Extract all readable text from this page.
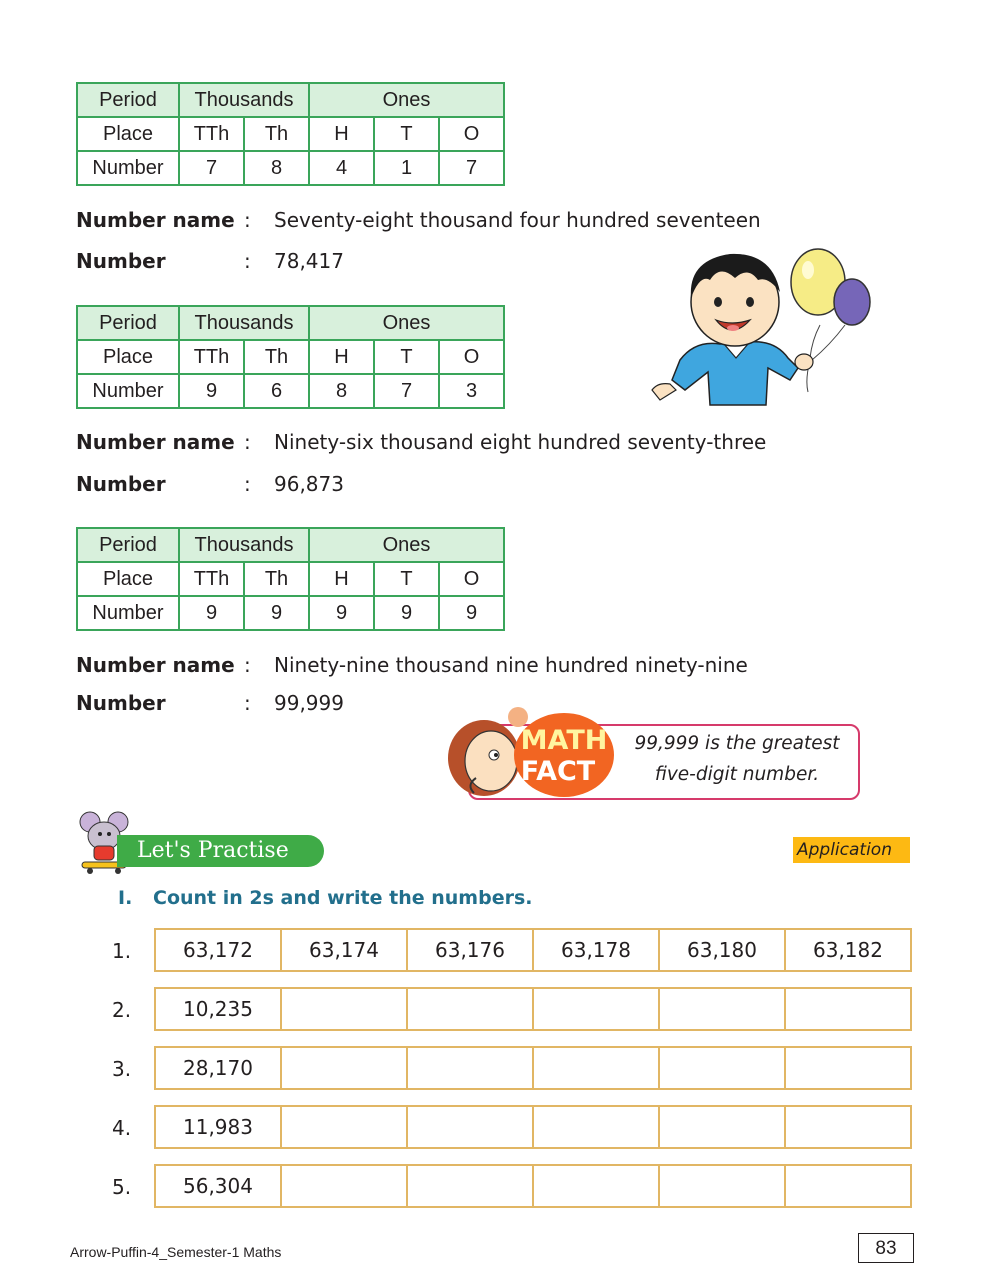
Period	Thousands		Ones		
Place	TTh	Th	H	T	O
Number	7	8	4	1	7
Number name : Seventy-eight thousand four hundred seventeen
Number	: 78,417
Period	Thousands		Ones		
Place	TTh	Th	H	T	O
Number	9	6	8	7	3
Number name : Ninety-six thousand eight hundred seventy-three
Number	: 96,873
Period	Thousands		Ones		
Place	TTh	Th	H	T	O
Number	9	9	9	9	9
Number name : Ninety-nine thousand nine hundred ninety-nine
Number	: 99,999
MATH
FACT
99,999 is the greatest
five-digit number.
Let's Practise 1.2
Application
I. Count in 2s and write the numbers.
1.	63,172	63,174	63,176	63,178	63,180	63,182
2.	10,235					
3.	28,170					
4.	11,983					
5.	56,304					
Arrow-Puffin-4_Semester-1 Maths	83
